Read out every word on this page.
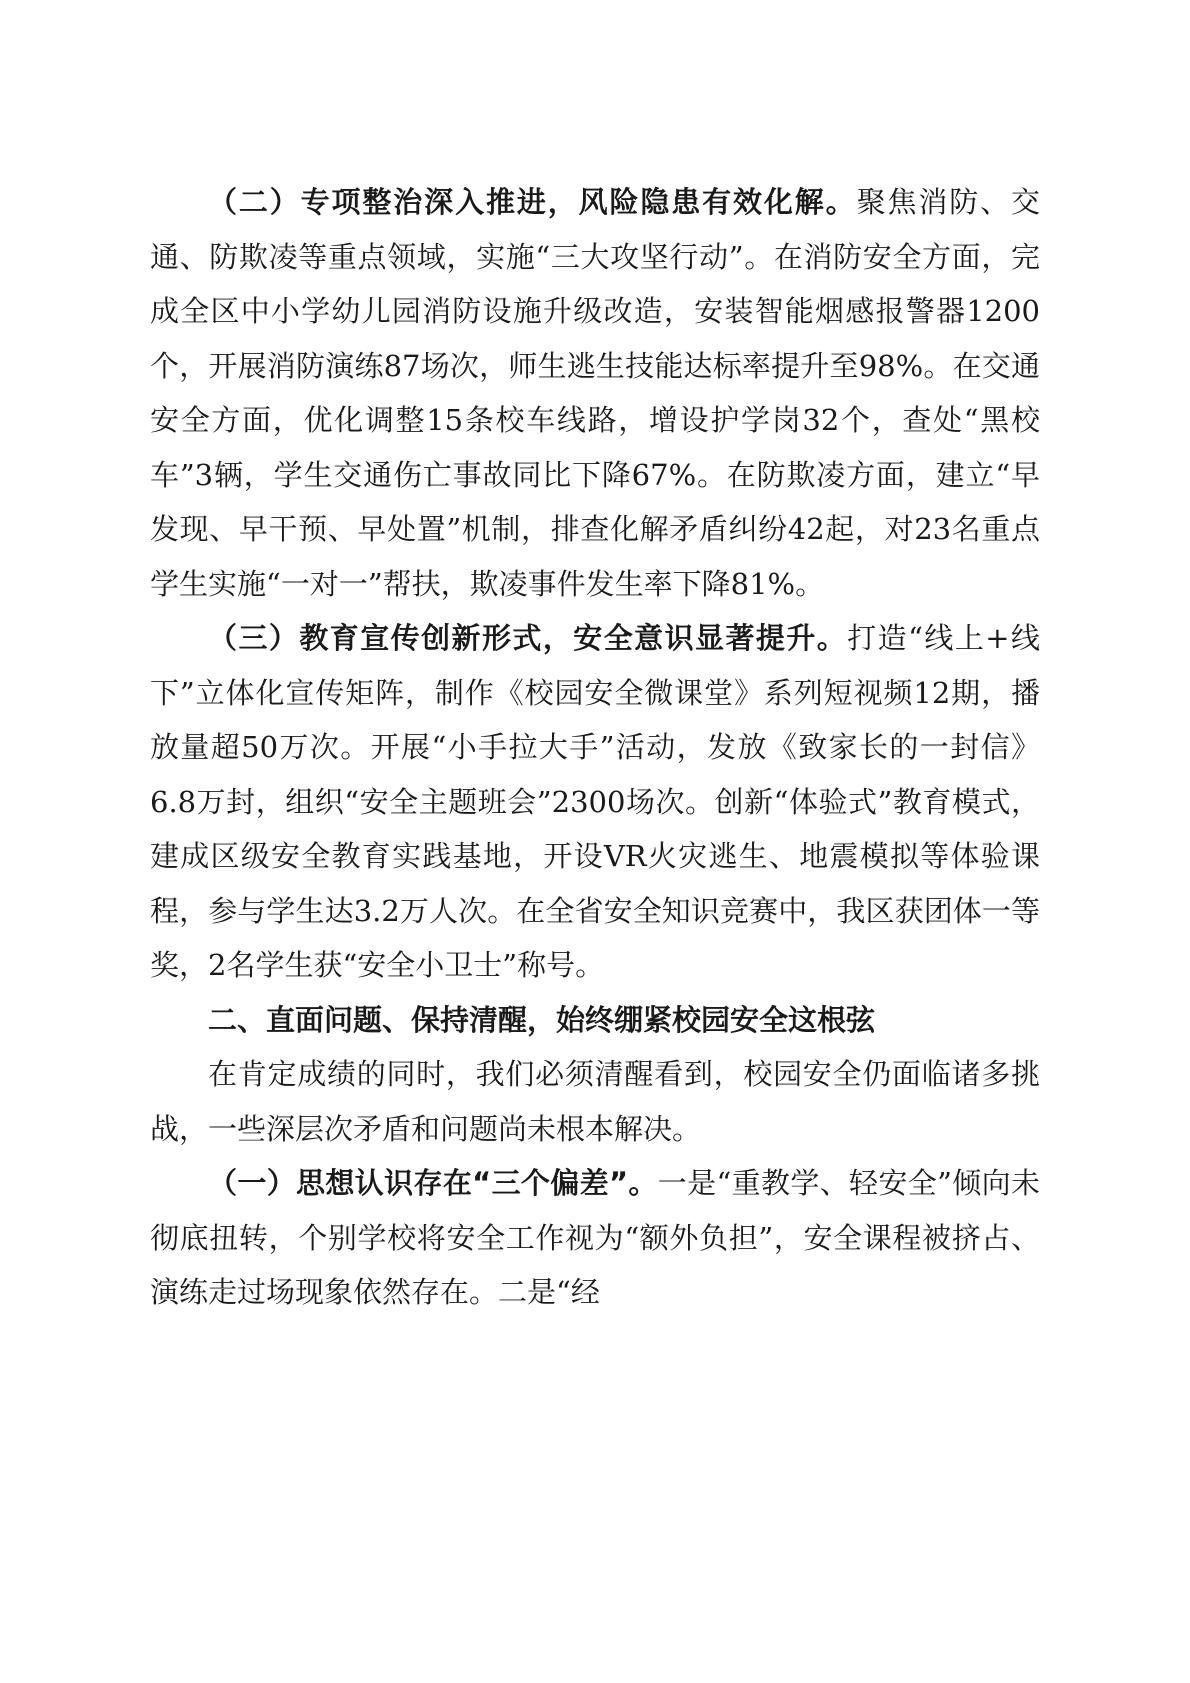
（二）专项整治深入推进，风险隐患有效化解。聚焦消防、交通、防欺凌等重点领域，实施“三大攻坚行动”。在消防安全方面，完成全区中小学幼儿园消防设施升级改造，安装智能烟感报警器1200个，开展消防演练87场次，师生逃生技能达标率提升至98%。在交通安全方面，优化调整15条校车线路，增设护学岗32个，查处“黑校车”3辆，学生交通伤亡事故同比下降67%。在防欺凌方面，建立“早发现、早干预、早处置”机制，排查化解矛盾纠纷42起，对23名重点学生实施“一对一”帮扶，欺凌事件发生率下降81%。

（三）教育宣传创新形式，安全意识显著提升。打造“线上+线下”立体化宣传矩阵，制作《校园安全微课堂》系列短视频12期，播放量超50万次。开展“小手拉大手”活动，发放《致家长的一封信》6.8万封，组织“安全主题班会”2300场次。创新“体验式”教育模式，建成区级安全教育实践基地，开设VR火灾逃生、地震模拟等体验课程，参与学生达3.2万人次。在全省安全知识竞赛中，我区获团体一等奖，2名学生获“安全小卫士”称号。

二、直面问题、保持清醒，始终绷紧校园安全这根弦

在肯定成绩的同时，我们必须清醒看到，校园安全仍面临诸多挑战，一些深层次矛盾和问题尚未根本解决。

（一）思想认识存在“三个偏差”。一是“重教学、轻安全”倾向未彻底扭转，个别学校将安全工作视为“额外负担”，安全课程被挤占、演练走过场现象依然存在。二是“经
